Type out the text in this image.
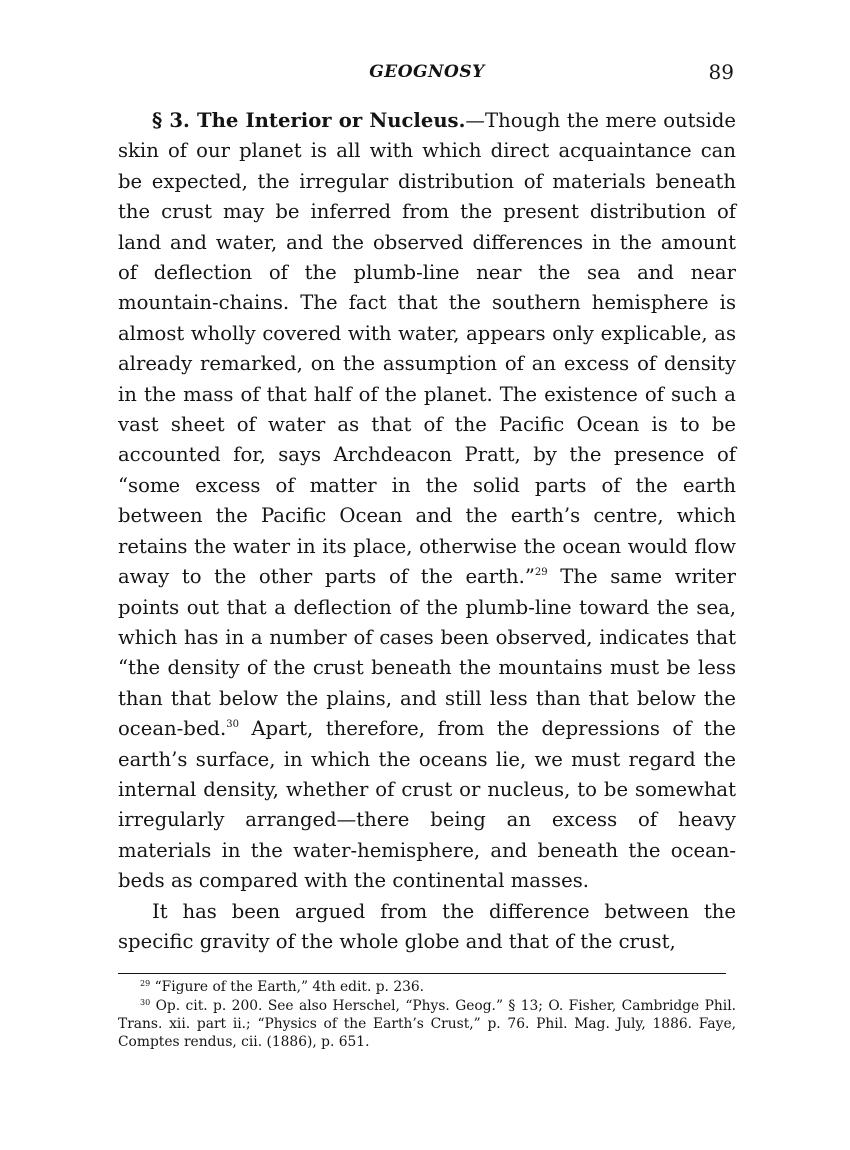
GEOGNOSY	89

§ 3. The Interior or Nucleus.—Though the mere outside skin of our planet is all with which direct acquaintance can be expected, the irregular distribution of materials beneath the crust may be inferred from the present distribution of land and water, and the observed differences in the amount of deflection of the plumb-line near the sea and near mountain-chains. The fact that the southern hemisphere is almost wholly covered with water, appears only explicable, as already remarked, on the assumption of an excess of density in the mass of that half of the planet. The existence of such a vast sheet of water as that of the Pacific Ocean is to be accounted for, says Archdeacon Pratt, by the presence of “some excess of matter in the solid parts of the earth between the Pacific Ocean and the earth’s centre, which retains the water in its place, otherwise the ocean would flow away to the other parts of the earth.”$^{29}$ The same writer points out that a deflection of the plumb-line toward the sea, which has in a number of cases been observed, indicates that “the density of the crust beneath the mountains must be less than that below the plains, and still less than that below the ocean-bed.$^{30}$ Apart, therefore, from the depressions of the earth’s surface, in which the oceans lie, we must regard the internal density, whether of crust or nucleus, to be somewhat irregularly arranged—there being an excess of heavy materials in the water-hemisphere, and beneath the ocean-beds as compared with the continental masses.

It has been argued from the difference between the specific gravity of the whole globe and that of the crust,

$^{29}$ “Figure of the Earth,” 4th edit. p. 236.

$^{30}$ Op. cit. p. 200. See also Herschel, “Phys. Geog.” § 13; O. Fisher, Cambridge Phil. Trans. xii. part ii.; “Physics of the Earth’s Crust,” p. 76. Phil. Mag. July, 1886. Faye, Comptes rendus, cii. (1886), p. 651.
